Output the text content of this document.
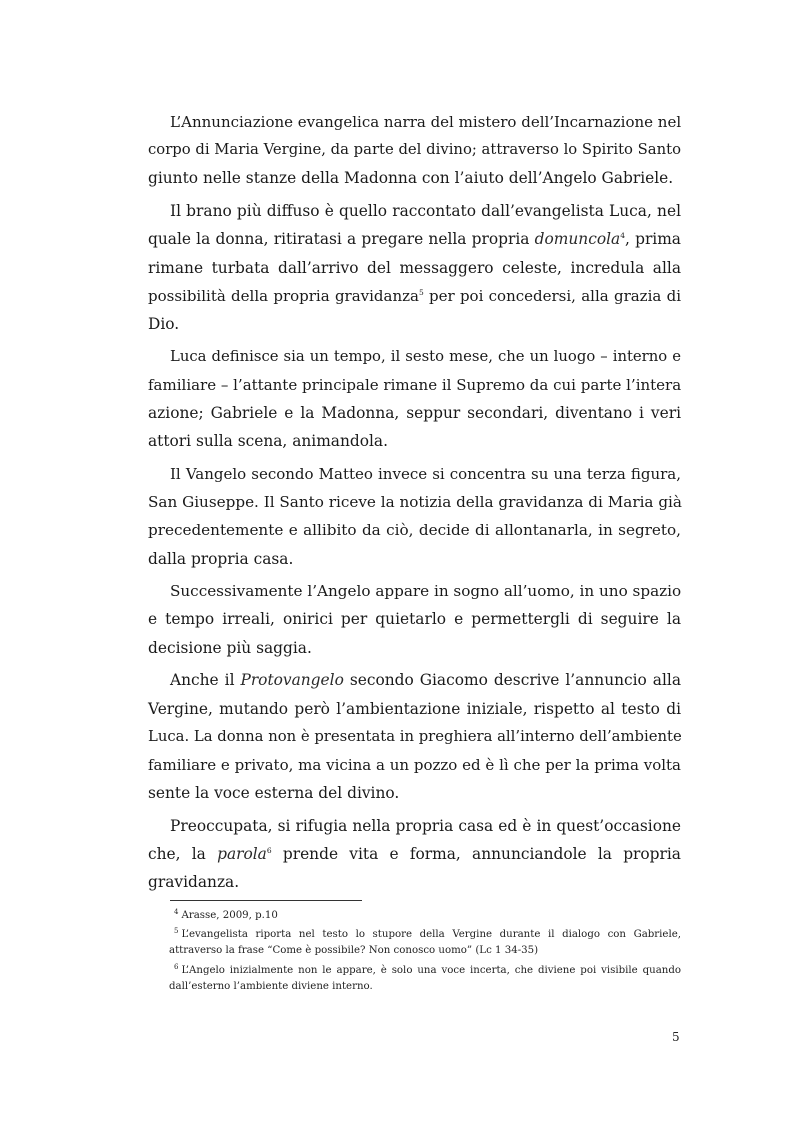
L’Annunciazione evangelica narra del mistero dell’Incarnazione nel
corpo di Maria Vergine, da parte del divino; attraverso lo Spirito Santo
giunto nelle stanze della Madonna con l’aiuto dell’Angelo Gabriele.

Il brano più diffuso è quello raccontato dall’evangelista Luca, nel
quale la donna, ritiratasi a pregare nella propria domuncola$^4$, prima
rimane turbata dall’arrivo del messaggero celeste, incredula alla
possibilità della propria gravidanza$^5$ per poi concedersi, alla grazia di
Dio.

Luca definisce sia un tempo, il sesto mese, che un luogo – interno e
familiare – l’attante principale rimane il Supremo da cui parte l’intera
azione; Gabriele e la Madonna, seppur secondari, diventano i veri
attori sulla scena, animandola.

Il Vangelo secondo Matteo invece si concentra su una terza figura,
San Giuseppe. Il Santo riceve la notizia della gravidanza di Maria già
precedentemente e allibito da ciò, decide di allontanarla, in segreto,
dalla propria casa.

Successivamente l’Angelo appare in sogno all’uomo, in uno spazio
e tempo irreali, onirici per quietarlo e permettergli di seguire la
decisione più saggia.

Anche il Protovangelo secondo Giacomo descrive l’annuncio alla
Vergine, mutando però l’ambientazione iniziale, rispetto al testo di
Luca. La donna non è presentata in preghiera all’interno dell’ambiente
familiare e privato, ma vicina a un pozzo ed è lì che per la prima volta
sente la voce esterna del divino.

Preoccupata, si rifugia nella propria casa ed è in quest’occasione
che, la parola$^6$ prende vita e forma, annunciandole la propria
gravidanza.

$^4$ Arasse, 2009, p.10
$^5$ L’evangelista riporta nel testo lo stupore della Vergine durante il dialogo con Gabriele,
attraverso la frase “Come è possibile? Non conosco uomo” (Lc 1 34-35)
$^6$ L’Angelo inizialmente non le appare, è solo una voce incerta, che diviene poi visibile quando
dall’esterno l’ambiente diviene interno.
5
